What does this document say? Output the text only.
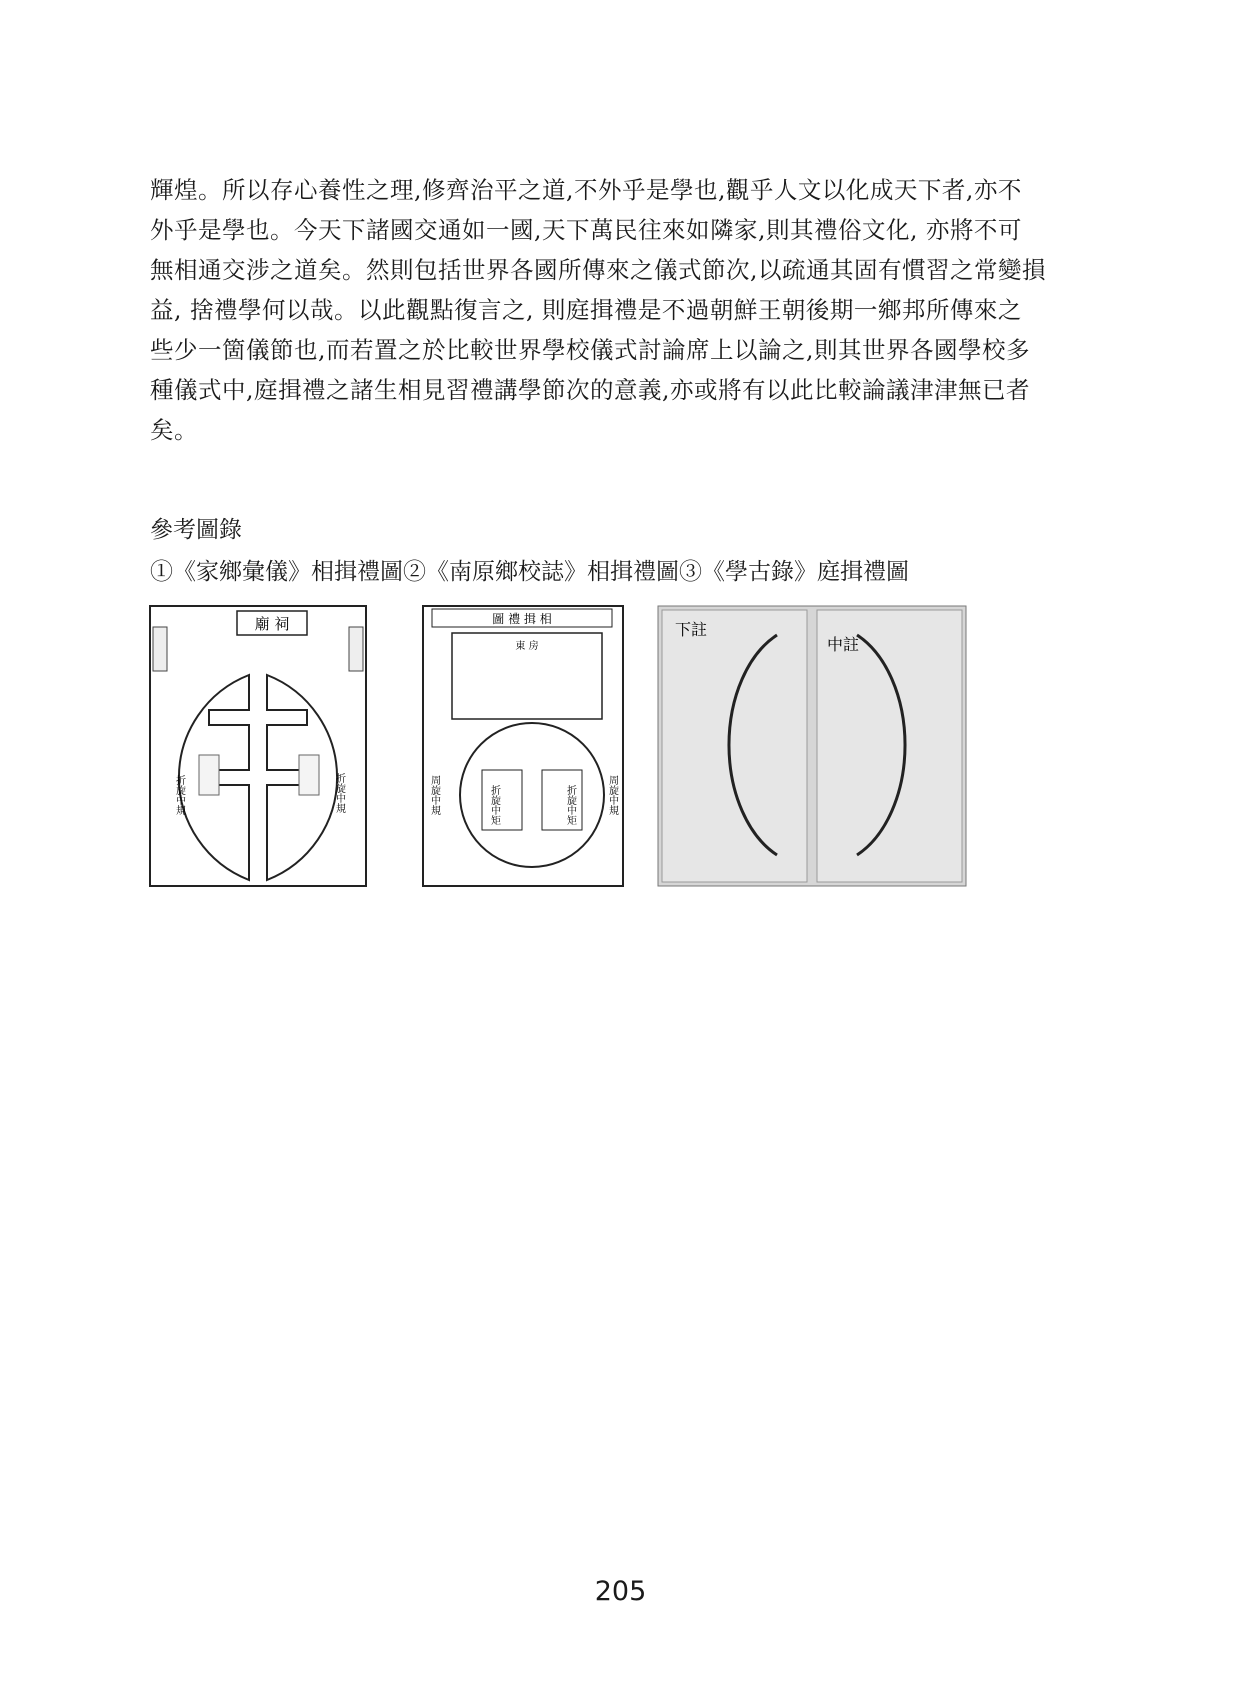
輝煌。所以存心養性之理,修齊治平之道,不外乎是學也,觀乎人文以化成天下者,亦不
外乎是學也。今天下諸國交通如一國,天下萬民往來如隣家,則其禮俗文化, 亦將不可
無相通交涉之道矣。然則包括世界各國所傳來之儀式節次,以疏通其固有慣習之常變損
益, 捨禮學何以哉。以此觀點復言之, 則庭揖禮是不過朝鮮王朝後期一鄉邦所傳來之
些少一箇儀節也,而若置之於比較世界學校儀式討論席上以論之,則其世界各國學校多
種儀式中,庭揖禮之諸生相見習禮講學節次的意義,亦或將有以此比較論議津津無已者
矣。
參考圖錄
①《家鄉彙儀》相揖禮圖②《南原鄉校誌》相揖禮圖③《學古錄》庭揖禮圖
廟 祠
折旋中規	折旋中規
圖 禮 揖 相
東 房
周旋中規	周旋中規
折旋中矩	折旋中矩
下註
中註
205
